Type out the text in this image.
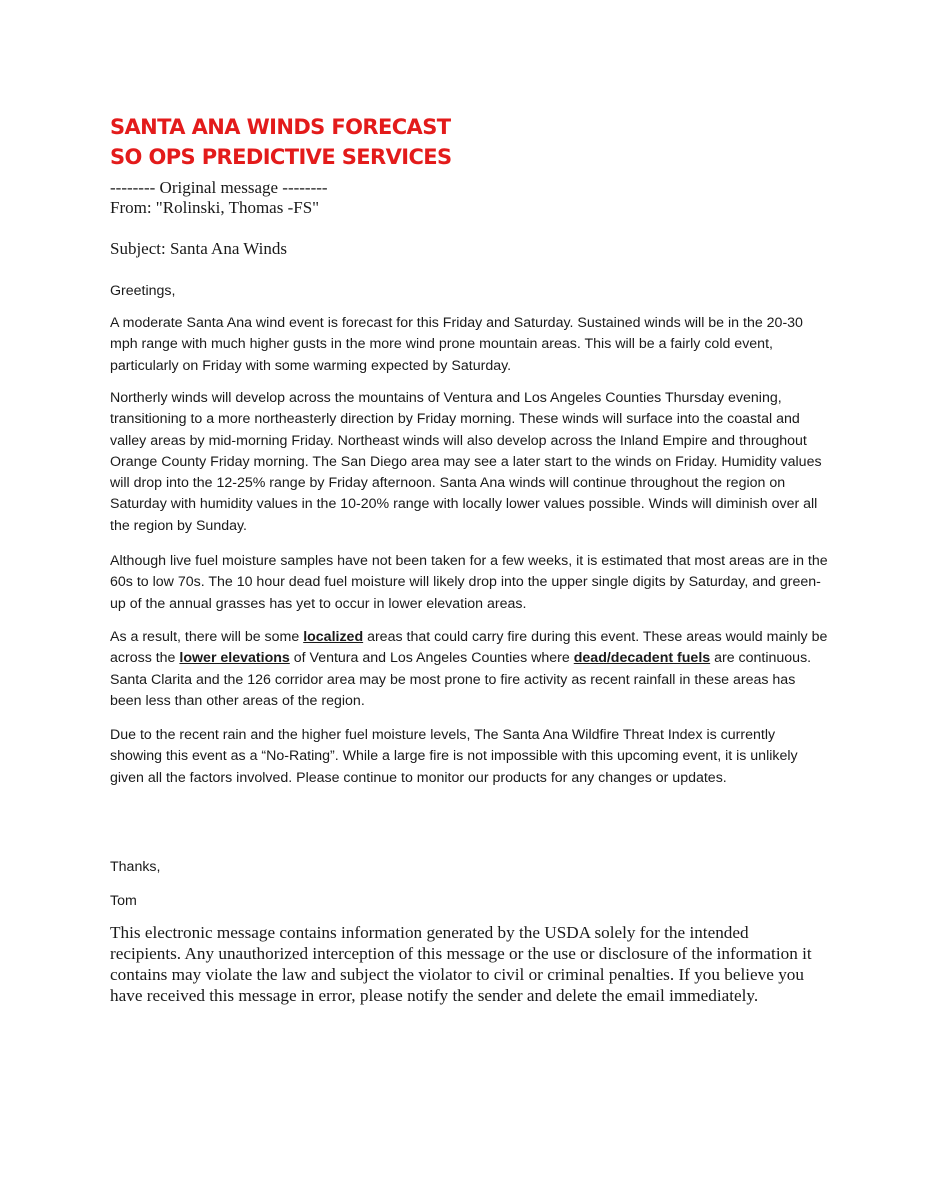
SANTA ANA WINDS FORECAST
SO OPS PREDICTIVE SERVICES

-------- Original message --------

From: "Rolinski, Thomas -FS"

Subject: Santa Ana Winds

Greetings,

A moderate Santa Ana wind event is forecast for this Friday and Saturday. Sustained winds will be in the 20-30 mph range with much higher gusts in the more wind prone mountain areas. This will be a fairly cold event, particularly on Friday with some warming expected by Saturday.

Northerly winds will develop across the mountains of Ventura and Los Angeles Counties Thursday evening, transitioning to a more northeasterly direction by Friday morning. These winds will surface into the coastal and valley areas by mid-morning Friday. Northeast winds will also develop across the Inland Empire and throughout Orange County Friday morning. The San Diego area may see a later start to the winds on Friday. Humidity values will drop into the 12-25% range by Friday afternoon. Santa Ana winds will continue throughout the region on Saturday with humidity values in the 10-20% range with locally lower values possible. Winds will diminish over all the region by Sunday.

Although live fuel moisture samples have not been taken for a few weeks, it is estimated that most areas are in the 60s to low 70s. The 10 hour dead fuel moisture will likely drop into the upper single digits by Saturday, and green-up of the annual grasses has yet to occur in lower elevation areas.

As a result, there will be some localized areas that could carry fire during this event. These areas would mainly be across the lower elevations of Ventura and Los Angeles Counties where dead/decadent fuels are continuous. Santa Clarita and the 126 corridor area may be most prone to fire activity as recent rainfall in these areas has been less than other areas of the region.

Due to the recent rain and the higher fuel moisture levels, The Santa Ana Wildfire Threat Index is currently showing this event as a “No-Rating”. While a large fire is not impossible with this upcoming event, it is unlikely given all the factors involved. Please continue to monitor our products for any changes or updates.

Thanks,

Tom

This electronic message contains information generated by the USDA solely for the intended recipients. Any unauthorized interception of this message or the use or disclosure of the information it contains may violate the law and subject the violator to civil or criminal penalties. If you believe you have received this message in error, please notify the sender and delete the email immediately.
